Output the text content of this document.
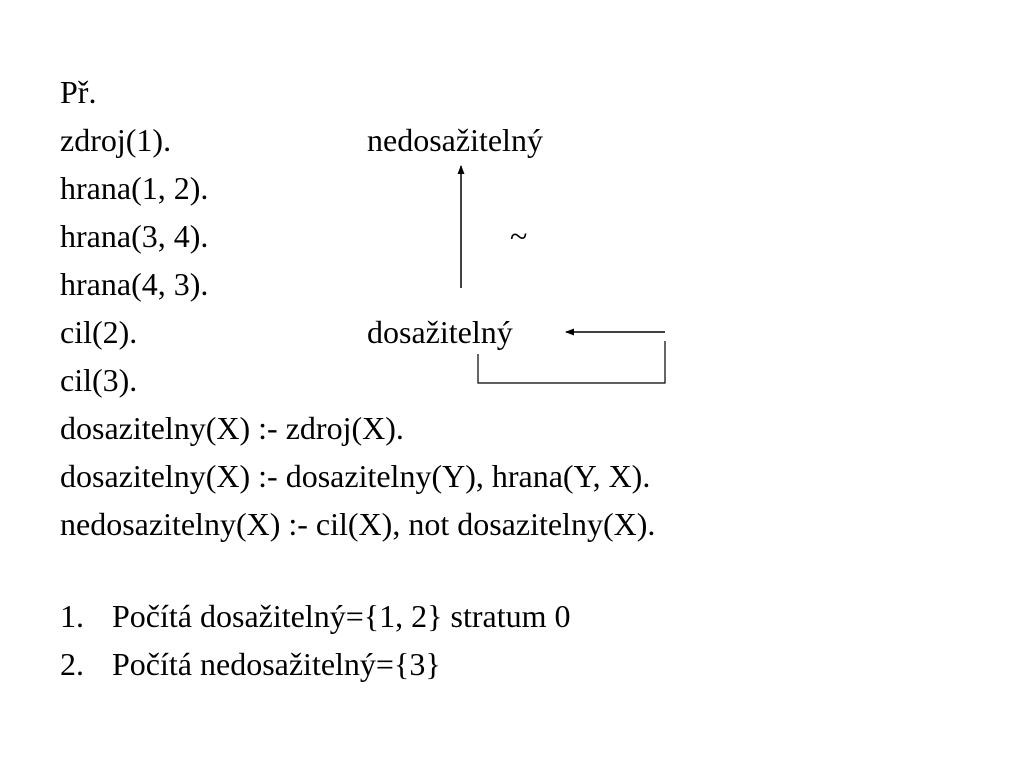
Př.
zdroj(1).
hrana(1, 2).
hrana(3, 4).
hrana(4, 3).
cil(2).
cil(3).
dosazitelny(X) :- zdroj(X).
dosazitelny(X) :- dosazitelny(Y), hrana(Y, X).
nedosazitelny(X) :- cil(X), not dosazitelny(X).
nedosažitelný
~
dosažitelný
1. Počítá dosažitelný={1, 2} stratum 0
2. Počítá nedosažitelný={3}
